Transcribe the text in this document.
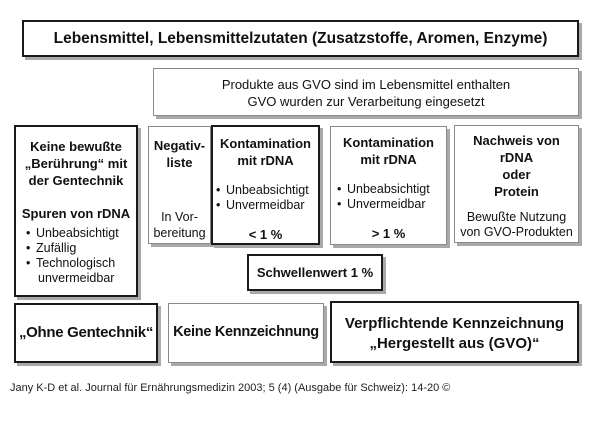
Lebensmittel, Lebensmittelzutaten (Zusatzstoffe, Aromen, Enzyme)
Produkte aus GVO sind im Lebensmittel enthalten
GVO wurden zur Verarbeitung eingesetzt
Keine bewußte
„Berührung“ mit
der Gentechnik
Spuren von rDNA
• Unbeabsichtigt
• Zufällig
• Technologisch
unvermeidbar
Negativ-
liste
In Vor-
bereitung
Kontamination
mit rDNA
• Unbeabsichtigt
• Unvermeidbar
< 1 %
Kontamination
mit rDNA
• Unbeabsichtigt
• Unvermeidbar
> 1 %
Nachweis von
rDNA
oder
Protein
Bewußte Nutzung
von GVO-Produkten
Schwellenwert 1 %
„Ohne Gentechnik“ Keine Kennzeichnung	Verpflichtende Kennzeichnung
„Hergestellt aus (GVO)“
Jany K-D et al. Journal für Ernährungsmedizin 2003; 5 (4) (Ausgabe für Schweiz): 14-20 ©
